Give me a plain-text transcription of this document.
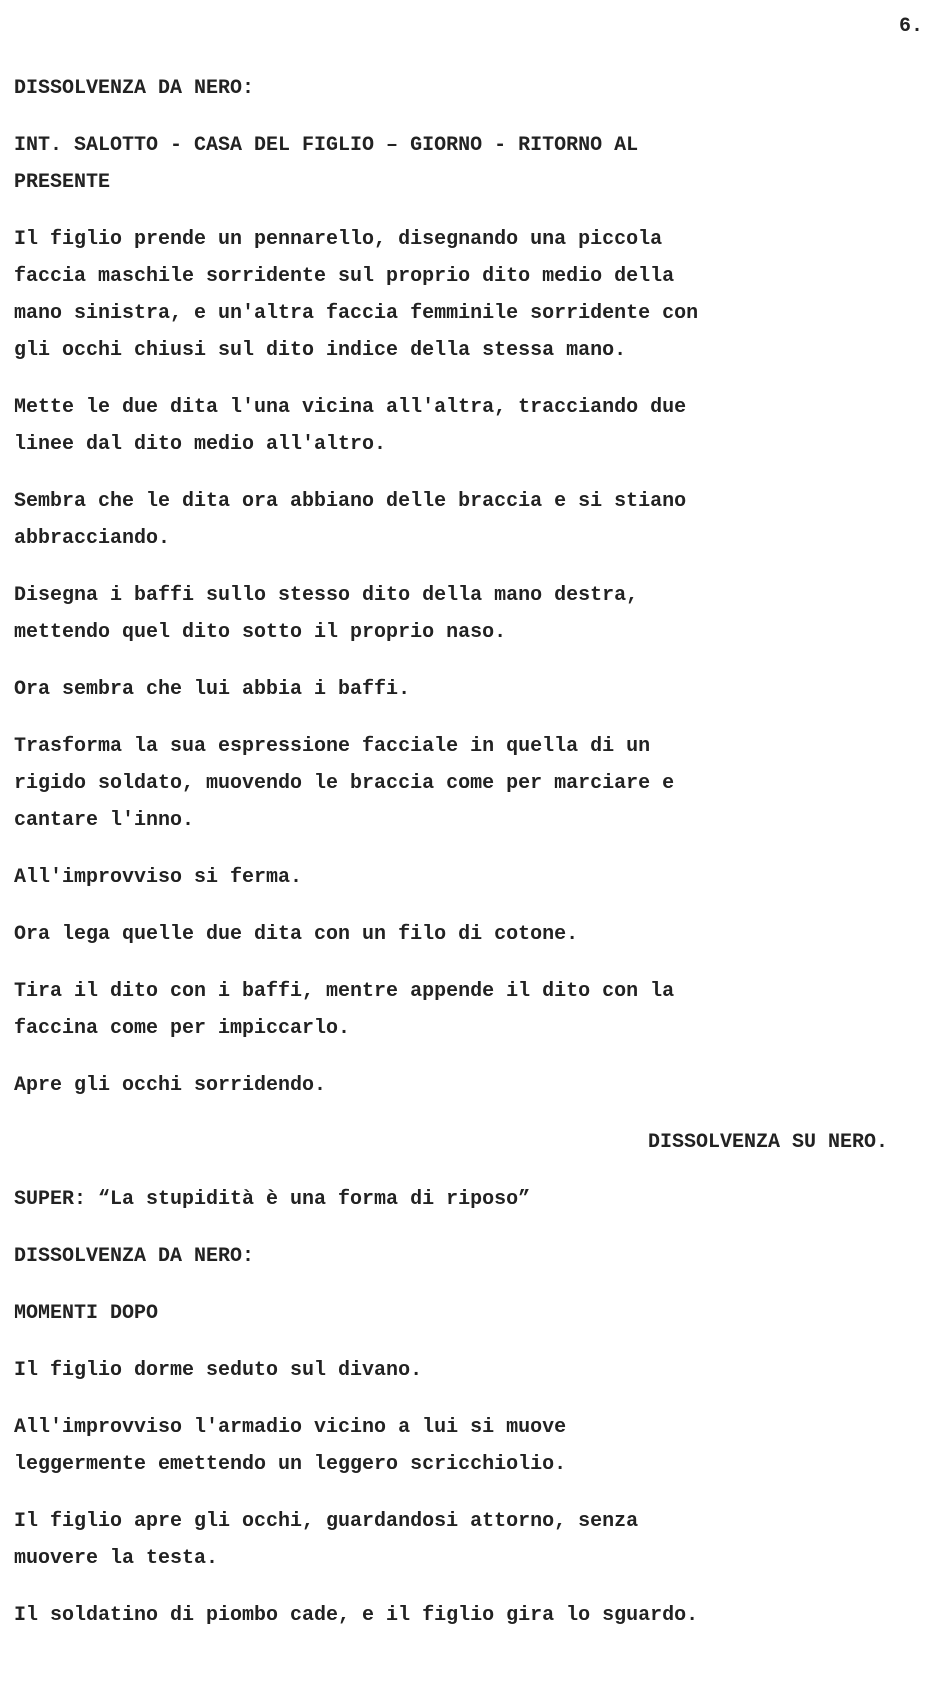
6.

DISSOLVENZA DA NERO:

INT. SALOTTO - CASA DEL FIGLIO – GIORNO - RITORNO AL
PRESENTE

Il figlio prende un pennarello, disegnando una piccola
faccia maschile sorridente sul proprio dito medio della
mano sinistra, e un'altra faccia femminile sorridente con
gli occhi chiusi sul dito indice della stessa mano.

Mette le due dita l'una vicina all'altra, tracciando due
linee dal dito medio all'altro.

Sembra che le dita ora abbiano delle braccia e si stiano
abbracciando.

Disegna i baffi sullo stesso dito della mano destra,
mettendo quel dito sotto il proprio naso.

Ora sembra che lui abbia i baffi.

Trasforma la sua espressione facciale in quella di un
rigido soldato, muovendo le braccia come per marciare e
cantare l'inno.

All'improvviso si ferma.

Ora lega quelle due dita con un filo di cotone.

Tira il dito con i baffi, mentre appende il dito con la
faccina come per impiccarlo.

Apre gli occhi sorridendo.

DISSOLVENZA SU NERO.

SUPER: “La stupidità è una forma di riposo”

DISSOLVENZA DA NERO:

MOMENTI DOPO

Il figlio dorme seduto sul divano.

All'improvviso l'armadio vicino a lui si muove
leggermente emettendo un leggero scricchiolio.

Il figlio apre gli occhi, guardandosi attorno, senza
muovere la testa.

Il soldatino di piombo cade, e il figlio gira lo sguardo.
